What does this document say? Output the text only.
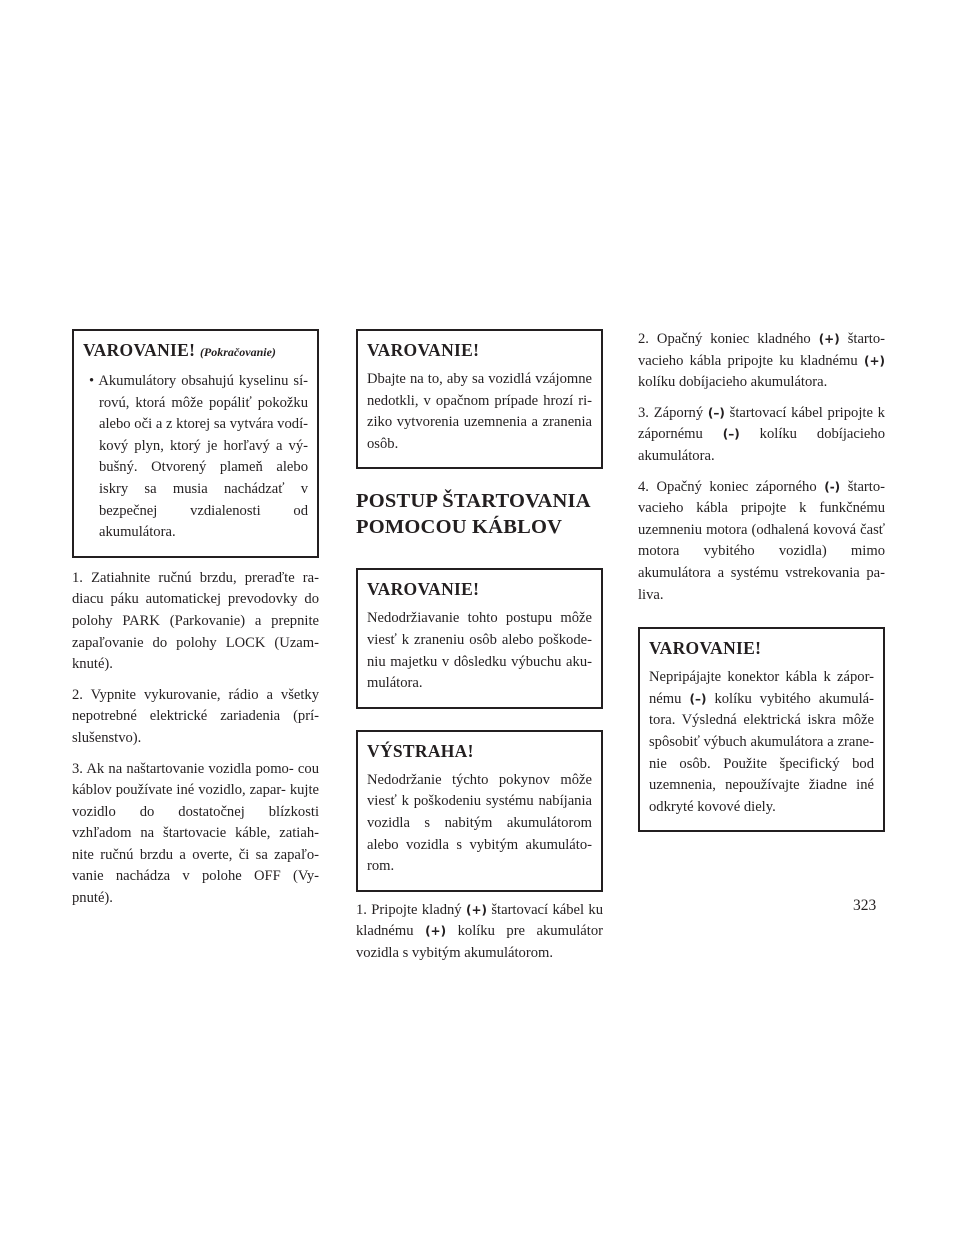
VAROVANIE! (Pokračovanie)
• Akumulátory obsahujú kyselinu sí- rovú, ktorá môže popáliť pokožku alebo oči a z ktorej sa vytvára vodí- kový plyn, ktorý je horľavý a vý- bušný. Otvorený plameň alebo iskry sa musia nachádzať v bezpečnej vzdialenosti od akumulátora.

1. Zatiahnite ručnú brzdu, preraďte ra- diacu páku automatickej prevodovky do polohy PARK (Parkovanie) a prepnite zapaľovanie do polohy LOCK (Uzam- knuté).

2. Vypnite vykurovanie, rádio a všetky nepotrebné elektrické zariadenia (prí- slušenstvo).

3. Ak na naštartovanie vozidla pomo- cou káblov používate iné vozidlo, zapar- kujte vozidlo do dostatočnej blízkosti vzhľadom na štartovacie káble, zatiah- nite ručnú brzdu a overte, či sa zapaľo- vanie nachádza v polohe OFF (Vy- pnuté).

VAROVANIE!
Dbajte na to, aby sa vozidlá vzájomne nedotkli, v opačnom prípade hrozí ri- ziko vytvorenia uzemnenia a zranenia osôb.
POSTUP ŠTARTOVANIA
POMOCOU KÁBLOV
VAROVANIE!
Nedodržiavanie tohto postupu môže viesť k zraneniu osôb alebo poškode- niu majetku v dôsledku výbuchu aku- mulátora.
VÝSTRAHA!
Nedodržanie týchto pokynov môže viesť k poškodeniu systému nabíjania vozidla s nabitým akumulátorom alebo vozidla s vybitým akumuláto- rom.

1. Pripojte kladný (+) štartovací kábel ku kladnému (+) kolíku pre akumulátor vozidla s vybitým akumulátorom.

2. Opačný koniec kladného (+) štarto- vacieho kábla pripojte ku kladnému (+) kolíku dobíjacieho akumulátora.

3. Záporný (–) štartovací kábel pripojte k zápornému (–) kolíku dobíjacieho akumulátora.

4. Opačný koniec záporného (-) štarto- vacieho kábla pripojte k funkčnému uzemneniu motora (odhalená kovová časť motora vybitého vozidla) mimo akumulátora a systému vstrekovania pa- liva.

VAROVANIE!
Nepripájajte konektor kábla k zápor- nému (–) kolíku vybitého akumulá- tora. Výsledná elektrická iskra môže spôsobiť výbuch akumulátora a zrane- nie osôb. Použite špecifický bod uzemnenia, nepoužívajte žiadne iné odkryté kovové diely.
323
